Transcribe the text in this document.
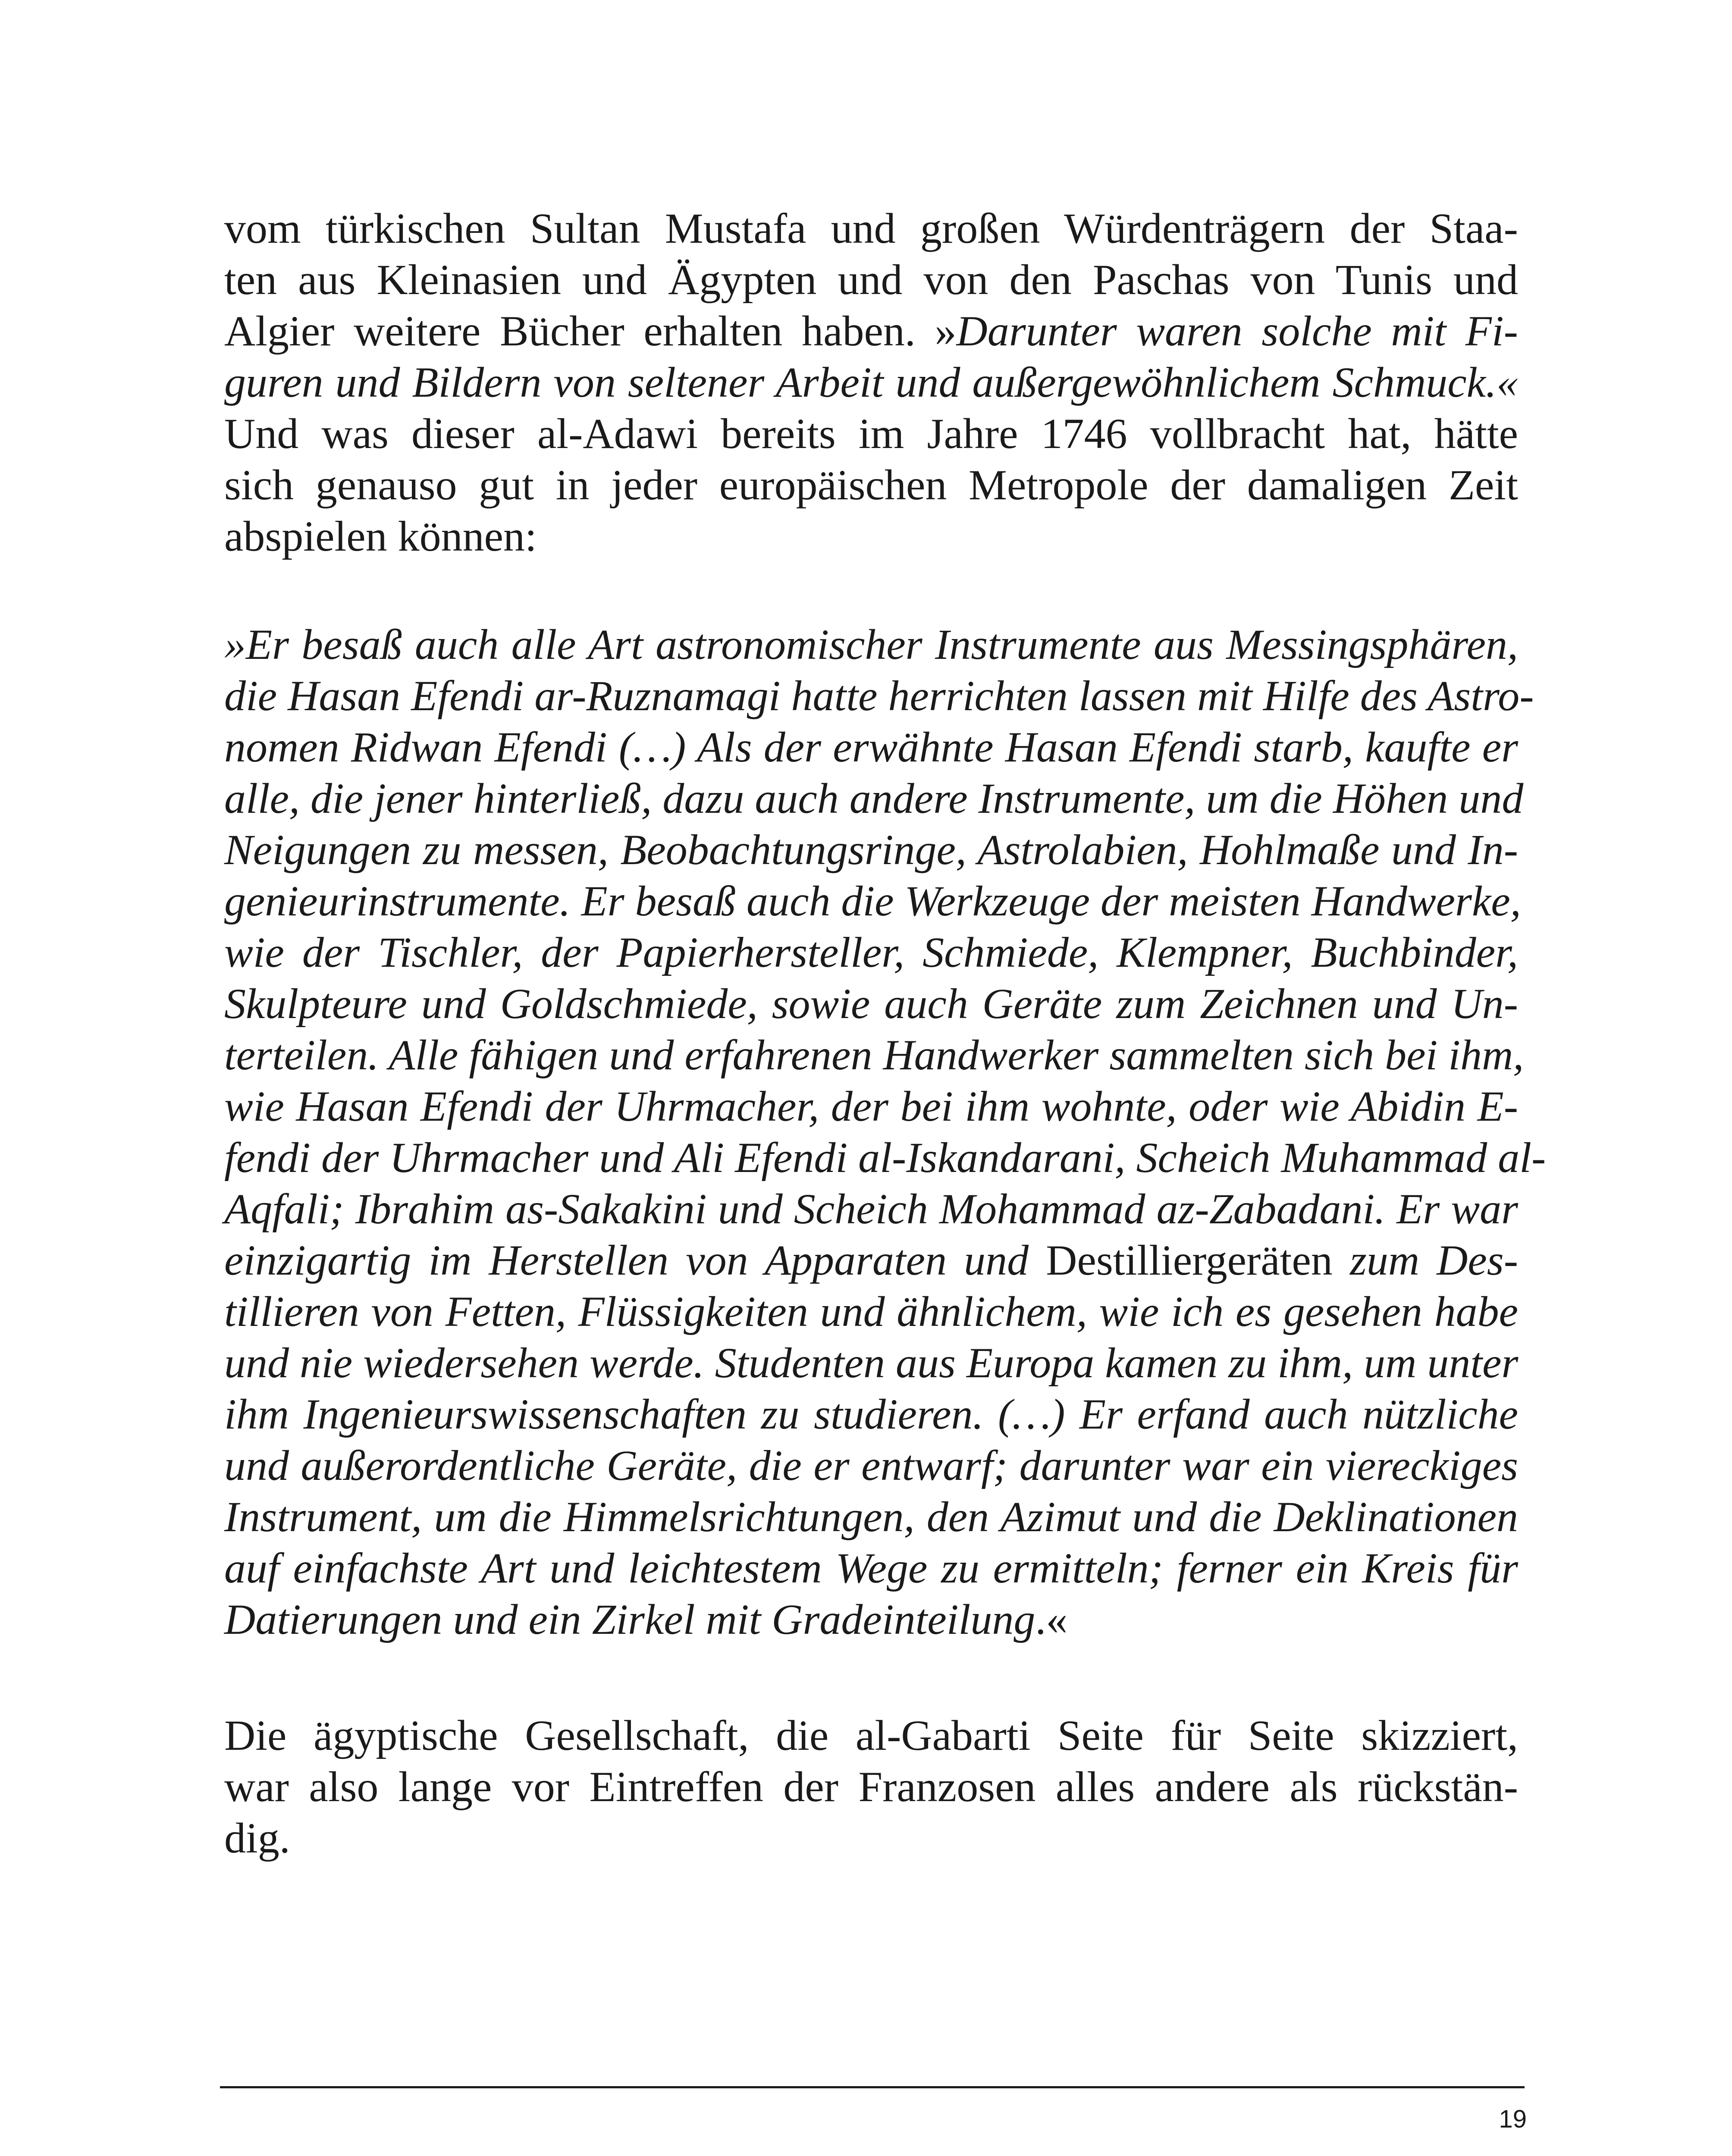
vom türkischen Sultan Mustafa und großen Würdenträgern der Staa-
ten aus Kleinasien und Ägypten und von den Paschas von Tunis und
Algier weitere Bücher erhalten haben. »Darunter waren solche mit Fi-
guren und Bildern von seltener Arbeit und außergewöhnlichem Schmuck.«
Und was dieser al-Adawi bereits im Jahre 1746 vollbracht hat, hätte
sich genauso gut in jeder europäischen Metropole der damaligen Zeit
abspielen können:
»Er besaß auch alle Art astronomischer Instrumente aus Messingsphären,
die Hasan Efendi ar-Ruznamagi hatte herrichten lassen mit Hilfe des Astro-
nomen Ridwan Efendi (…) Als der erwähnte Hasan Efendi starb, kaufte er
alle, die jener hinterließ, dazu auch andere Instrumente, um die Höhen und
Neigungen zu messen, Beobachtungsringe, Astrolabien, Hohlmaße und In-
genieurinstrumente. Er besaß auch die Werkzeuge der meisten Handwerke,
wie der Tischler, der Papierhersteller, Schmiede, Klempner, Buchbinder,
Skulpteure und Goldschmiede, sowie auch Geräte zum Zeichnen und Un-
terteilen. Alle fähigen und erfahrenen Handwerker sammelten sich bei ihm,
wie Hasan Efendi der Uhrmacher, der bei ihm wohnte, oder wie Abidin E-
fendi der Uhrmacher und Ali Efendi al-Iskandarani, Scheich Muhammad al-
Aqfali; Ibrahim as-Sakakini und Scheich Mohammad az-Zabadani. Er war
einzigartig im Herstellen von Apparaten und Destilliergeräten zum Des-
tillieren von Fetten, Flüssigkeiten und ähnlichem, wie ich es gesehen habe
und nie wiedersehen werde. Studenten aus Europa kamen zu ihm, um unter
ihm Ingenieurswissenschaften zu studieren. (…) Er erfand auch nützliche
und außerordentliche Geräte, die er entwarf; darunter war ein viereckiges
Instrument, um die Himmelsrichtungen, den Azimut und die Deklinationen
auf einfachste Art und leichtestem Wege zu ermitteln; ferner ein Kreis für
Datierungen und ein Zirkel mit Gradeinteilung.«
Die ägyptische Gesellschaft, die al-Gabarti Seite für Seite skizziert,
war also lange vor Eintreffen der Franzosen alles andere als rückstän-
dig.
19
